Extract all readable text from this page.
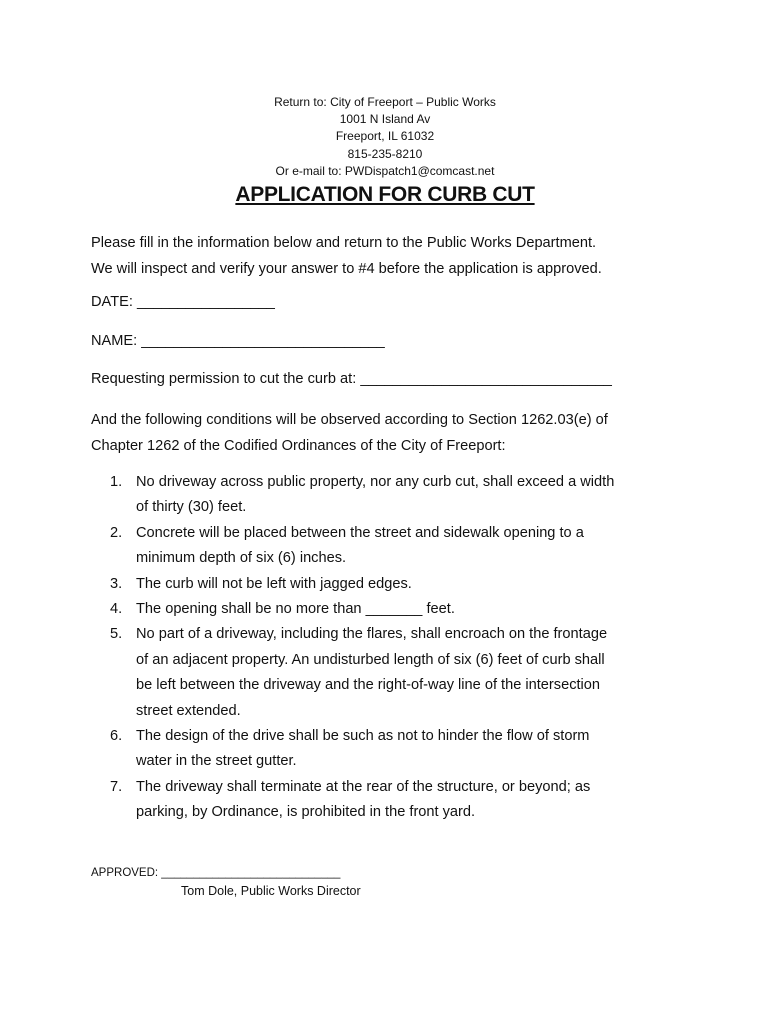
Return to: City of Freeport – Public Works
1001 N Island Av
Freeport, IL 61032
815-235-8210
Or e-mail to: PWDispatch1@comcast.net
APPLICATION FOR CURB CUT
Please fill in the information below and return to the Public Works Department.
We will inspect and verify your answer to #4 before the application is approved.
DATE: _________________
NAME: ______________________________
Requesting permission to cut the curb at: _______________________________
And the following conditions will be observed according to Section 1262.03(e) of
Chapter 1262 of the Codified Ordinances of the City of Freeport:
1. No driveway across public property, nor any curb cut, shall exceed a width
of thirty (30) feet.
2. Concrete will be placed between the street and sidewalk opening to a
minimum depth of six (6) inches.
3. The curb will not be left with jagged edges.
4. The opening shall be no more than _______ feet.
5. No part of a driveway, including the flares, shall encroach on the frontage
of an adjacent property. An undisturbed length of six (6) feet of curb shall
be left between the driveway and the right-of-way line of the intersection
street extended.
6. The design of the drive shall be such as not to hinder the flow of storm
water in the street gutter.
7. The driveway shall terminate at the rear of the structure, or beyond; as
parking, by Ordinance, is prohibited in the front yard.
APPROVED: ____________________________
Tom Dole, Public Works Director
